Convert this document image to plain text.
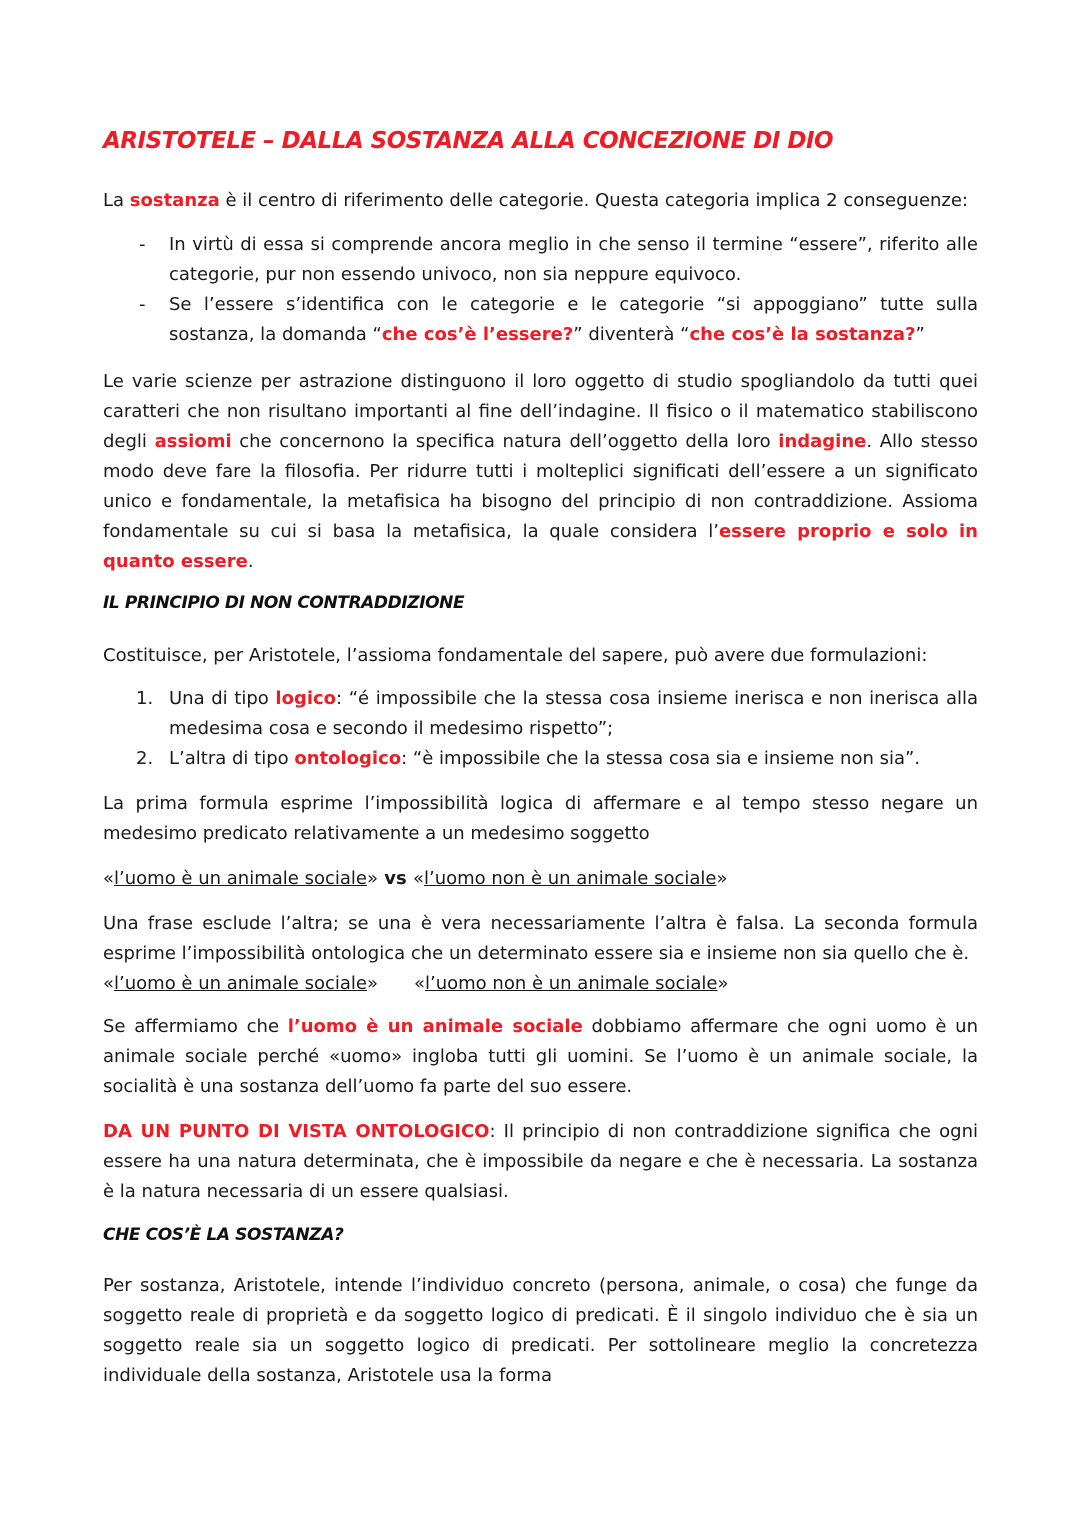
ARISTOTELE – DALLA SOSTANZA ALLA CONCEZIONE DI DIO

La sostanza è il centro di riferimento delle categorie. Questa categoria implica 2 conseguenze:

- In virtù di essa si comprende ancora meglio in che senso il termine “essere”, riferito alle categorie, pur non essendo univoco, non sia neppure equivoco.
- Se l’essere s’identifica con le categorie e le categorie “si appoggiano” tutte sulla sostanza, la domanda “che cos’è l’essere?” diventerà “che cos’è la sostanza?”

Le varie scienze per astrazione distinguono il loro oggetto di studio spogliandolo da tutti quei caratteri che non risultano importanti al fine dell’indagine. Il fisico o il matematico stabiliscono degli assiomi che concernono la specifica natura dell’oggetto della loro indagine. Allo stesso modo deve fare la filosofia. Per ridurre tutti i molteplici significati dell’essere a un significato unico e fondamentale, la metafisica ha bisogno del principio di non contraddizione. Assioma fondamentale su cui si basa la metafisica, la quale considera l’essere proprio e solo in quanto essere.

IL PRINCIPIO DI NON CONTRADDIZIONE

Costituisce, per Aristotele, l’assioma fondamentale del sapere, può avere due formulazioni:

1. Una di tipo logico: “é impossibile che la stessa cosa insieme inerisca e non inerisca alla medesima cosa e secondo il medesimo rispetto”;
2. L’altra di tipo ontologico: “è impossibile che la stessa cosa sia e insieme non sia”.

La prima formula esprime l’impossibilità logica di affermare e al tempo stesso negare un medesimo predicato relativamente a un medesimo soggetto

«l’uomo è un animale sociale» vs «l’uomo non è un animale sociale»

Una frase esclude l’altra; se una è vera necessariamente l’altra è falsa. La seconda formula esprime l’impossibilità ontologica che un determinato essere sia e insieme non sia quello che è.

«l’uomo è un animale sociale» «l’uomo non è un animale sociale»

Se affermiamo che l’uomo è un animale sociale dobbiamo affermare che ogni uomo è un animale sociale perché «uomo» ingloba tutti gli uomini. Se l’uomo è un animale sociale, la socialità è una sostanza dell’uomo fa parte del suo essere.

DA UN PUNTO DI VISTA ONTOLOGICO: Il principio di non contraddizione significa che ogni essere ha una natura determinata, che è impossibile da negare e che è necessaria. La sostanza è la natura necessaria di un essere qualsiasi.

CHE COS’È LA SOSTANZA?

Per sostanza, Aristotele, intende l’individuo concreto (persona, animale, o cosa) che funge da soggetto reale di proprietà e da soggetto logico di predicati. È il singolo individuo che è sia un soggetto reale sia un soggetto logico di predicati. Per sottolineare meglio la concretezza individuale della sostanza, Aristotele usa la forma
